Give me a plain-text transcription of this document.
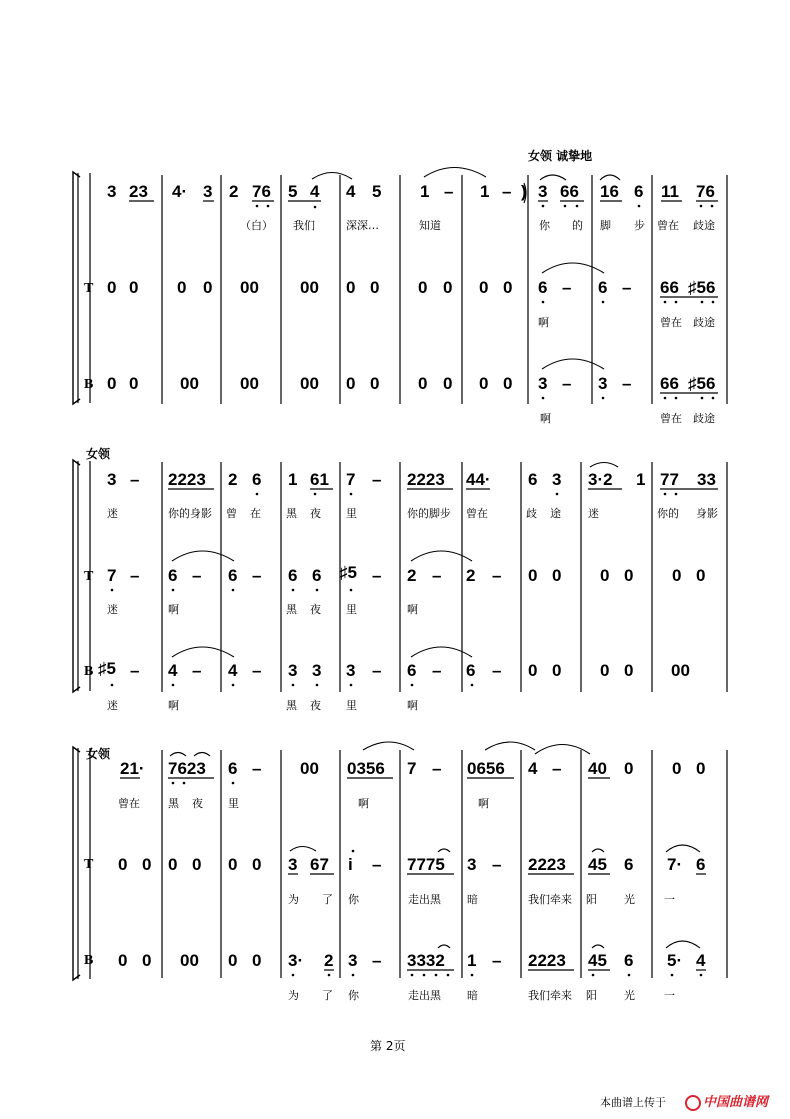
女领 诚挚地
3 23 4· 3 2 76 5 4 4 5 1 – 1 – ) 3 66 16 6 11 76
（白） 我们	深深…	知道	你 的 脚 步 曾在 歧途
T 0 0 0 0 00 00 0 0 0 0 0 0 6 – 6 – 66 ♯56
啊	曾在 歧途
B 0 0 00 00 00 0 0 0 0 0 0 3 – 3 – 66 ♯56
啊	曾在 歧途
女领
3 – 2223 2 6 1 61 7 – 2223 44· 6 3 3·2 1 77 33
迷	你的身影 曾 在 黑 夜 里	你的脚步 曾在	歧 途 迷	你的 身影
T 7 – 6 – 6 – 6 6 ♯5 – 2 – 2 – 0 0 0 0 0 0
迷	啊	黑 夜 里	啊
B ♯5 – 4 – 4 – 3 3 3 – 6 – 6 – 0 0 0 0 00
迷	啊	黑 夜 里	啊
女领
21· 7623 6 – 00 0356 7 – 0656 4 – 40 0 0 0
曾在	黑 夜 里	啊	啊
T 0 0 0 0 0 0 3 67 i – 7775 3 – 2223 45 6 7· 6
为 了 你	走出黑 暗	我们牵来 阳 光	一
B 0 0 00 0 0 3· 2 3 – 3332 1 – 2223 45 6 5· 4
为 了 你	走出黑 暗	我们牵来 阳 光	一
第 2页
本曲谱上传于	中国曲谱网
